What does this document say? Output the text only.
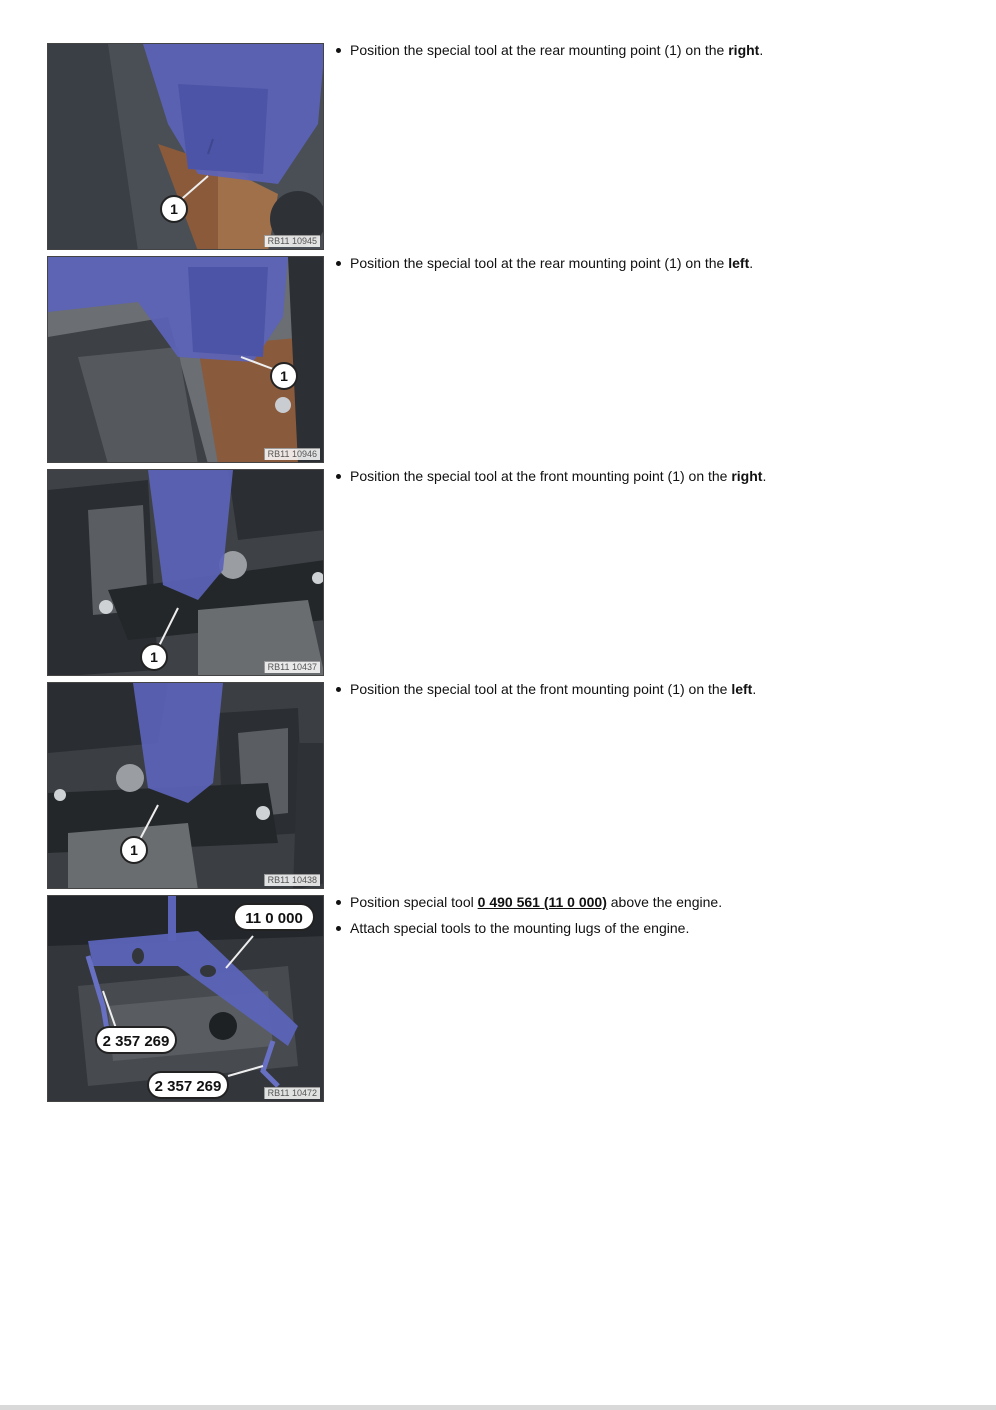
1
RB11 10945
Position the special tool at the rear mounting point (1) on the right.
1
RB11 10946
Position the special tool at the rear mounting point (1) on the left.
1
RB11 10437
Position the special tool at the front mounting point (1) on the right.
1
RB11 10438
Position the special tool at the front mounting point (1) on the left.
11 0 000
2 357 269
2 357 269	RB11 10472
Position special tool 0 490 561 (11 0 000) above the engine.
Attach special tools to the mounting lugs of the engine.
